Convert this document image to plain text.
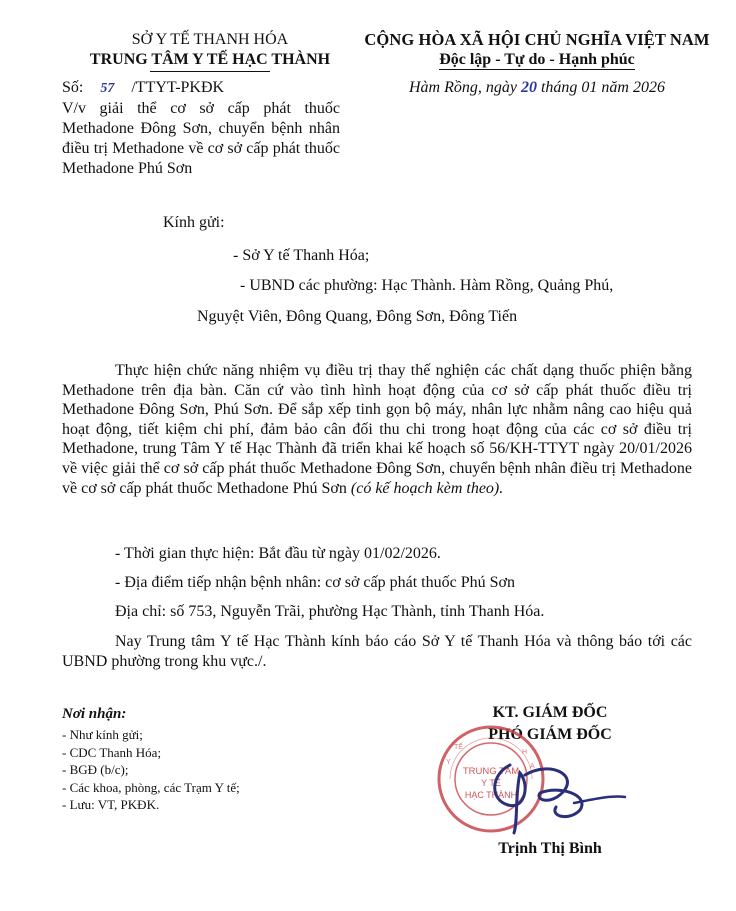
SỞ Y TẾ THANH HÓA
TRUNG TÂM Y TẾ HẠC THÀNH
CỘNG HÒA XÃ HỘI CHỦ NGHĨA VIỆT NAM
Độc lập - Tự do - Hạnh phúc
Số: 57 /TTYT-PKĐK	Hàm Rồng, ngày 20 tháng 01 năm 2026
V/v giải thể cơ sở cấp phát thuốc Methadone Đông Sơn, chuyển bệnh nhân điều trị Methadone về cơ sở cấp phát thuốc Methadone Phú Sơn
Kính gửi:
- Sở Y tế Thanh Hóa;
- UBND các phường: Hạc Thành. Hàm Rồng, Quảng Phú,
Nguyệt Viên, Đông Quang, Đông Sơn, Đông Tiến
Thực hiện chức năng nhiệm vụ điều trị thay thế nghiện các chất dạng thuốc phiện bằng Methadone trên địa bàn. Căn cứ vào tình hình hoạt động của cơ sở cấp phát thuốc điều trị Methadone Đông Sơn, Phú Sơn. Để sắp xếp tinh gọn bộ máy, nhân lực nhằm nâng cao hiệu quả hoạt động, tiết kiệm chi phí, đảm bảo cân đối thu chi trong hoạt động của các cơ sở điều trị Methadone, trung Tâm Y tế Hạc Thành đã triển khai kế hoạch số 56/KH-TTYT ngày 20/01/2026 về việc giải thể cơ sở cấp phát thuốc Methadone Đông Sơn, chuyển bệnh nhân điều trị Methadone về cơ sở cấp phát thuốc Methadone Phú Sơn (có kế hoạch kèm theo).
- Thời gian thực hiện: Bắt đầu từ ngày 01/02/2026.
- Địa điểm tiếp nhận bệnh nhân: cơ sở cấp phát thuốc Phú Sơn
Địa chỉ: số 753, Nguyễn Trãi, phường Hạc Thành, tỉnh Thanh Hóa.
Nay Trung tâm Y tế Hạc Thành kính báo cáo Sở Y tế Thanh Hóa và thông báo tới các UBND phường trong khu vực./.
Nơi nhận:
- Như kính gửi;
- CDC Thanh Hóa;
- BGĐ (b/c);
- Các khoa, phòng, các Trạm Y tế;
- Lưu: VT, PKĐK.
KT. GIÁM ĐỐC
PHÓ GIÁM ĐỐC
TRUNG TÂM
Y TẾ
HẠC THÀNH
Y
TẾ
H
A
Trịnh Thị Bình
